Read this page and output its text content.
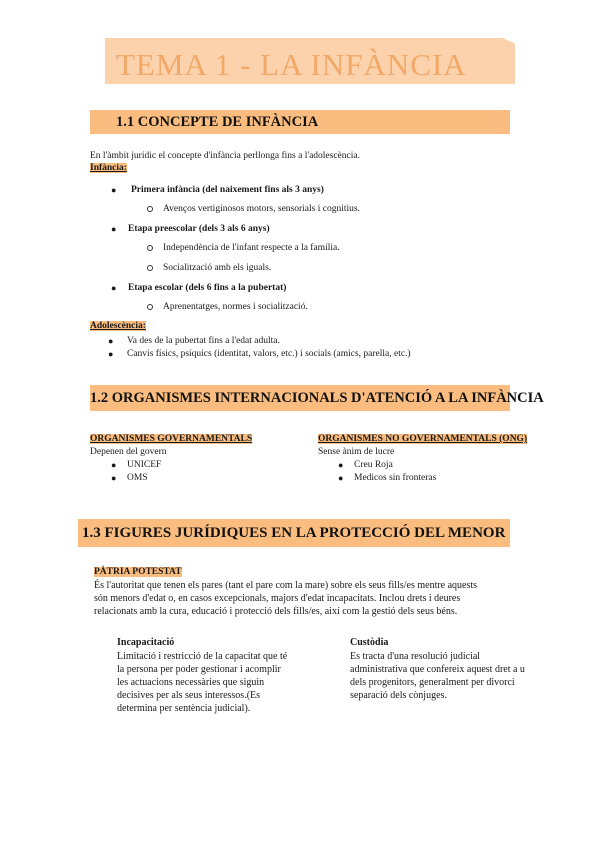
TEMA 1 - LA INFÀNCIA
1.1 CONCEPTE DE INFÀNCIA
En l'àmbit jurídic el concepte d'infància perllonga fins a l'adolescència.
Infància:
● Primera infància (del naixement fins als 3 anys)
Avenços vertiginosos motors, sensorials i cognitius.
● Etapa preescolar (dels 3 als 6 anys)
Independència de l'infant respecte a la família.
Socialització amb els iguals.
● Etapa escolar (dels 6 fins a la pubertat)
Aprenentatges, normes i socialització.
Adolescència:
● Va des de la pubertat fins a l'edat adulta.
● Canvis físics, psíquics (identitat, valors, etc.) i socials (amics, parella, etc.)
1.2 ORGANISMES INTERNACIONALS D'ATENCIÓ A LA INFÀNCIA
ORGANISMES GOVERNAMENTALS
Depenen del govern
● UNICEF
● OMS
ORGANISMES NO GOVERNAMENTALS (ONG)
Sense ànim de lucre
● Creu Roja
● Medicos sin fronteras
1.3 FIGURES JURÍDIQUES EN LA PROTECCIÓ DEL MENOR
PÀTRIA POTESTAT
És l'autoritat que tenen els pares (tant el pare com la mare) sobre els seus fills/es mentre aquests
són menors d'edat o, en casos excepcionals, majors d'edat incapacitats. Inclou drets i deures
relacionats amb la cura, educació i protecció dels fills/es, així com la gestió dels seus béns.
Incapacitació
Limitació i restricció de la capacitat que té
la persona per poder gestionar i acomplir
les actuacions necessàries que siguin
decisives per als seus interessos.(Es
determina per sentència judicial).
Custòdia
Es tracta d'una resolució judicial
administrativa que confereix aquest dret a u
dels progenitors, generalment per divorci
separació dels cònjuges.
